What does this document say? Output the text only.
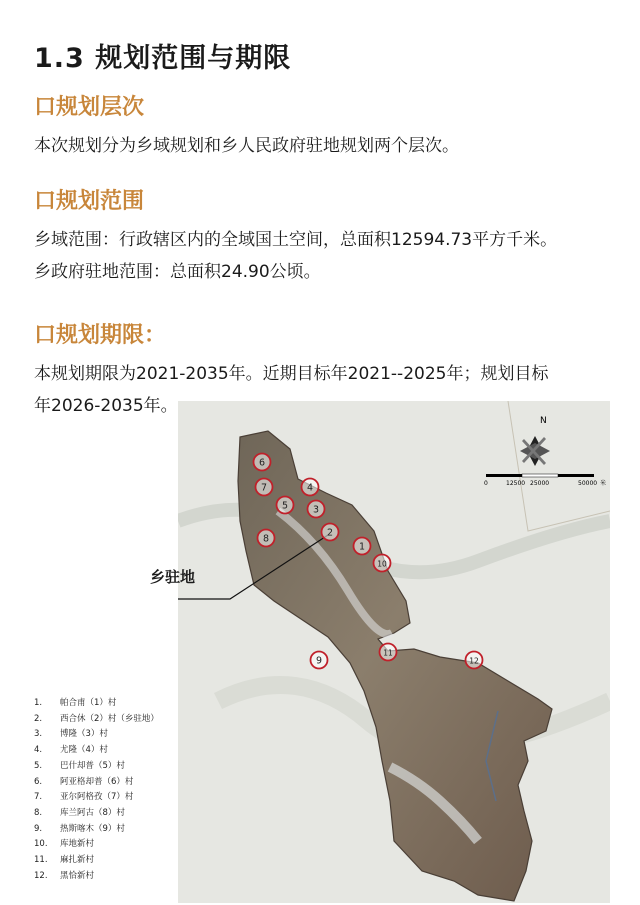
1.3 规划范围与期限
口规划层次
本次规划分为乡域规划和乡人民政府驻地规划两个层次。
口规划范围
乡域范围：行政辖区内的全域国土空间，总面积12594.73平方千米。
乡政府驻地范围：总面积24.90公顷。
口规划期限：
本规划期限为2021-2035年。近期目标年2021--2025年；规划目标
年2026-2035年。
N
0	12500 25000	50000 米
1
2
3
4
5
6
7
8
9
10
11
12
乡驻地
1.	帕合甫（1）村
2.	西合休（2）村（乡驻地）
3.	博隆（3）村
4.	尤隆（4）村
5.	巴什却普（5）村
6.	阿亚格却普（6）村
7.	亚尔阿格孜（7）村
8.	库兰阿古（8）村
9.	热斯喀木（9）村
10.	库地新村
11.	麻扎新村
12.	黑恰新村
